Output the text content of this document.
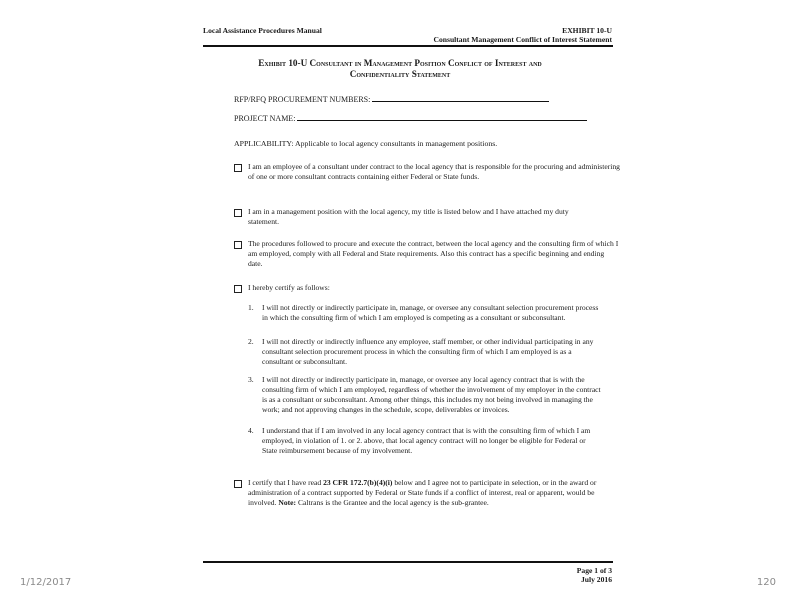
Local Assistance Procedures Manual	EXHIBIT 10-U
Consultant Management Conflict of Interest Statement
Exhibit 10-U Consultant in Management Position Conflict of Interest and
Confidentiality Statement
RFP/RFQ PROCUREMENT NUMBERS:
PROJECT NAME:
APPLICABILITY: Applicable to local agency consultants in management positions.
I am an employee of a consultant under contract to the local agency that is responsible for the procuring and administering of one or more consultant contracts containing either Federal or State funds.
I am in a management position with the local agency, my title is listed below and I have attached my duty statement.
The procedures followed to procure and execute the contract, between the local agency and the consulting firm of which I am employed, comply with all Federal and State requirements. Also this contract has a specific beginning and ending date.
I hereby certify as follows:
1. I will not directly or indirectly participate in, manage, or oversee any consultant selection procurement process in which the consulting firm of which I am employed is competing as a consultant or subconsultant.
2. I will not directly or indirectly influence any employee, staff member, or other individual participating in any consultant selection procurement process in which the consulting firm of which I am employed is as a consultant or subconsultant.
3. I will not directly or indirectly participate in, manage, or oversee any local agency contract that is with the consulting firm of which I am employed, regardless of whether the involvement of my employer in the contract is as a consultant or subconsultant. Among other things, this includes my not being involved in managing the work; and not approving changes in the schedule, scope, deliverables or invoices.
4. I understand that if I am involved in any local agency contract that is with the consulting firm of which I am employed, in violation of 1. or 2. above, that local agency contract will no longer be eligible for Federal or State reimbursement because of my involvement.
I certify that I have read 23 CFR 172.7(b)(4)(i) below and I agree not to participate in selection, or in the award or administration of a contract supported by Federal or State funds if a conflict of interest, real or apparent, would be involved. Note: Caltrans is the Grantee and the local agency is the sub-grantee.
Page 1 of 3
July 2016
1/12/2017	120
